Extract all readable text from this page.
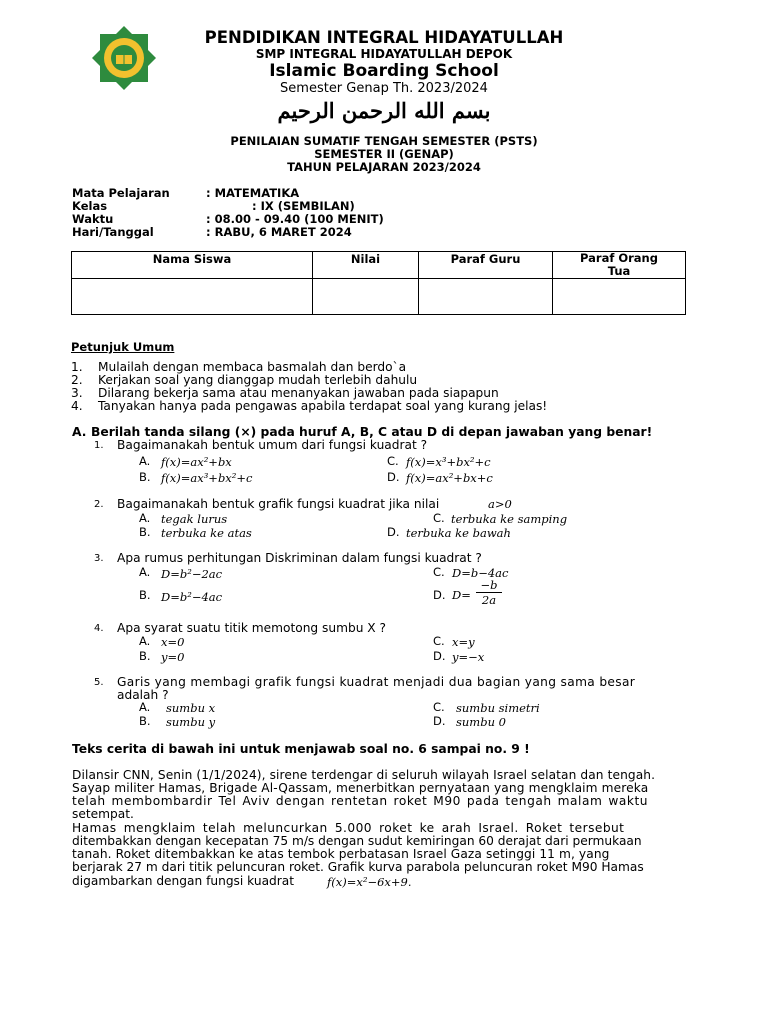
PENDIDIKAN INTEGRAL HIDAYATULLAH
SMP INTEGRAL HIDAYATULLAH DEPOK
Islamic Boarding School
Semester Genap Th. 2023/2024
بسم الله الرحمن الرحيم
PENILAIAN SUMATIF TENGAH SEMESTER (PSTS)
SEMESTER II (GENAP)
TAHUN PELAJARAN 2023/2024
Mata Pelajaran	: MATEMATIKA
Kelas	: IX (SEMBILAN)
Waktu	: 08.00 - 09.40 (100 MENIT)
Hari/Tanggal	: RABU, 6 MARET 2024
Nama Siswa	Nilai	Paraf Guru	Paraf Orang
Tua

Petunjuk Umum
1. Mulailah dengan membaca basmalah dan berdo`a
2. Kerjakan soal yang dianggap mudah terlebih dahulu
3. Dilarang bekerja sama atau menanyakan jawaban pada siapapun
4. Tanyakan hanya pada pengawas apabila terdapat soal yang kurang jelas!
A. Berilah tanda silang (×) pada huruf A, B, C atau D di depan jawaban yang benar!
1. Bagaimanakah bentuk umum dari fungsi kuadrat ?
A. f(x)=ax²+bx
B. f(x)=ax³+bx²+c
C. f(x)=x³+bx²+c
D. f(x)=ax²+bx+c
2. Bagaimanakah bentuk grafik fungsi kuadrat jika nilai	a>0
A. tegak lurus
B. terbuka ke atas
C. terbuka ke samping
D. terbuka ke bawah
3. Apa rumus perhitungan Diskriminan dalam fungsi kuadrat ?
A. D=b²−2ac
B. D=b²−4ac
C. D=b−4ac
D. D=
−b
2a
4. Apa syarat suatu titik memotong sumbu X ?
A. x=0
B. y=0
C. x=y
D. y=−x
5. Garis yang membagi grafik fungsi kuadrat menjadi dua bagian yang sama besar
adalah ?
A. sumbu x
B. sumbu y
C. sumbu simetri
D. sumbu 0
Teks cerita di bawah ini untuk menjawab soal no. 6 sampai no. 9 !
Dilansir CNN, Senin (1/1/2024), sirene terdengar di seluruh wilayah Israel selatan dan tengah.
Sayap militer Hamas, Brigade Al-Qassam, menerbitkan pernyataan yang mengklaim mereka
telah membombardir Tel Aviv dengan rentetan roket M90 pada tengah malam waktu
setempat.
Hamas mengklaim telah meluncurkan 5.000 roket ke arah Israel. Roket tersebut
ditembakkan dengan kecepatan 75 m/s dengan sudut kemiringan 60 derajat dari permukaan
tanah. Roket ditembakkan ke atas tembok perbatasan Israel Gaza setinggi 11 m, yang
berjarak 27 m dari titik peluncuran roket. Grafik kurva parabola peluncuran roket M90 Hamas
digambarkan dengan fungsi kuadrat	f(x)=x²−6x+9.
